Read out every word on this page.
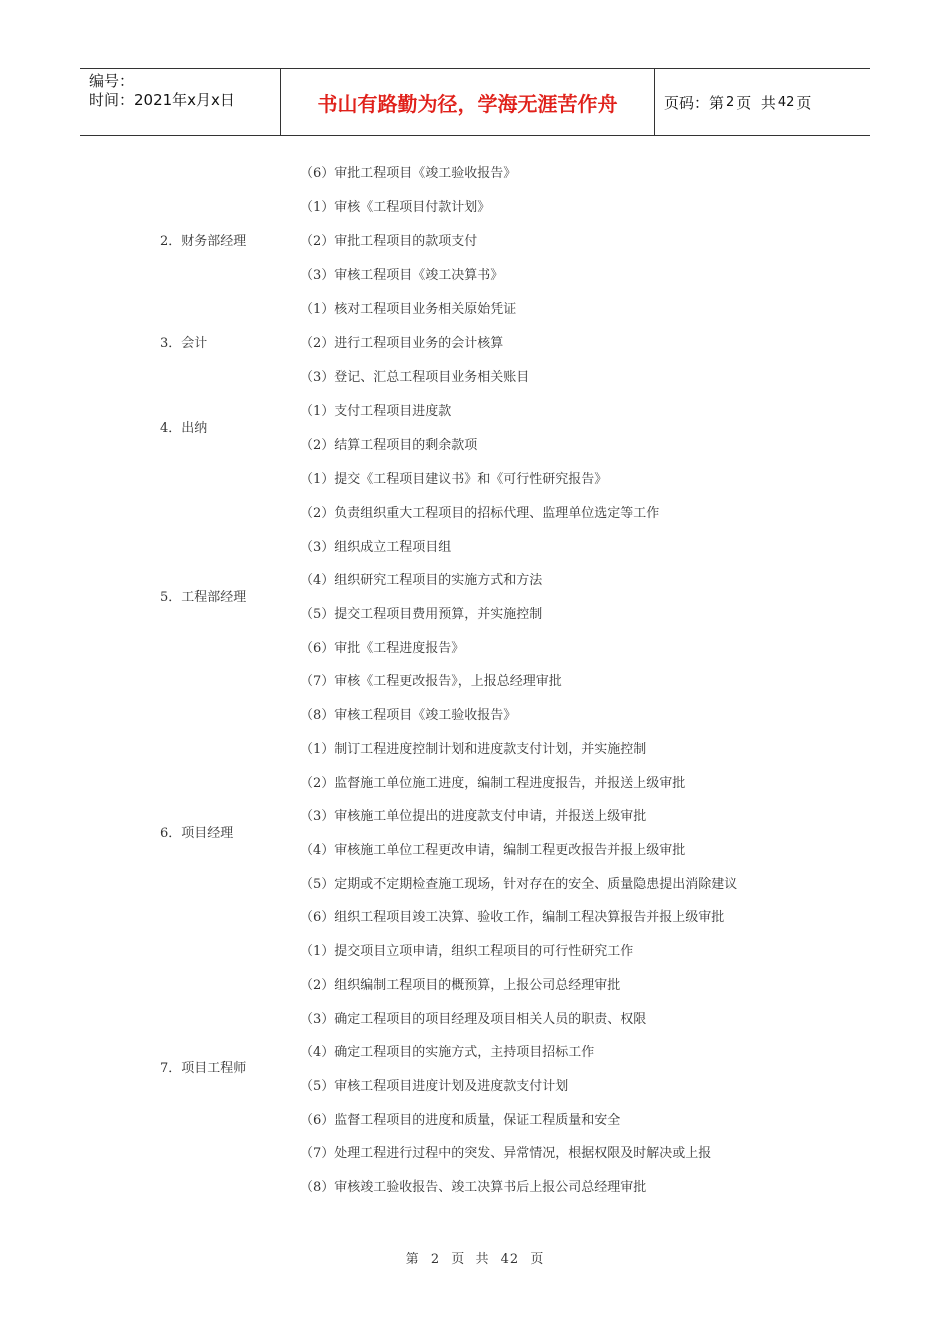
编号：
时间：2021年x月x日	书山有路勤为径，学海无涯苦作舟	页码：第 2 页  共 42 页
2．财务部经理
3．会计
4．出纳
5．工程部经理
6．项目经理
7．项目工程师
（6）审批工程项目《竣工验收报告》
（1）审核《工程项目付款计划》
（2）审批工程项目的款项支付
（3）审核工程项目《竣工决算书》
（1）核对工程项目业务相关原始凭证
（2）进行工程项目业务的会计核算
（3）登记、汇总工程项目业务相关账目
（1）支付工程项目进度款
（2）结算工程项目的剩余款项
（1）提交《工程项目建议书》和《可行性研究报告》
（2）负责组织重大工程项目的招标代理、监理单位选定等工作
（3）组织成立工程项目组
（4）组织研究工程项目的实施方式和方法
（5）提交工程项目费用预算，并实施控制
（6）审批《工程进度报告》
（7）审核《工程更改报告》，上报总经理审批
（8）审核工程项目《竣工验收报告》
（1）制订工程进度控制计划和进度款支付计划，并实施控制
（2）监督施工单位施工进度，编制工程进度报告，并报送上级审批
（3）审核施工单位提出的进度款支付申请，并报送上级审批
（4）审核施工单位工程更改申请，编制工程更改报告并报上级审批
（5）定期或不定期检查施工现场，针对存在的安全、质量隐患提出消除建议
（6）组织工程项目竣工决算、验收工作，编制工程决算报告并报上级审批
（1）提交项目立项申请，组织工程项目的可行性研究工作
（2）组织编制工程项目的概预算，上报公司总经理审批
（3）确定工程项目的项目经理及项目相关人员的职责、权限
（4）确定工程项目的实施方式，主持项目招标工作
（5）审核工程项目进度计划及进度款支付计划
（6）监督工程项目的进度和质量，保证工程质量和安全
（7）处理工程进行过程中的突发、异常情况，根据权限及时解决或上报
（8）审核竣工验收报告、竣工决算书后上报公司总经理审批
第 2 页  共 42 页
